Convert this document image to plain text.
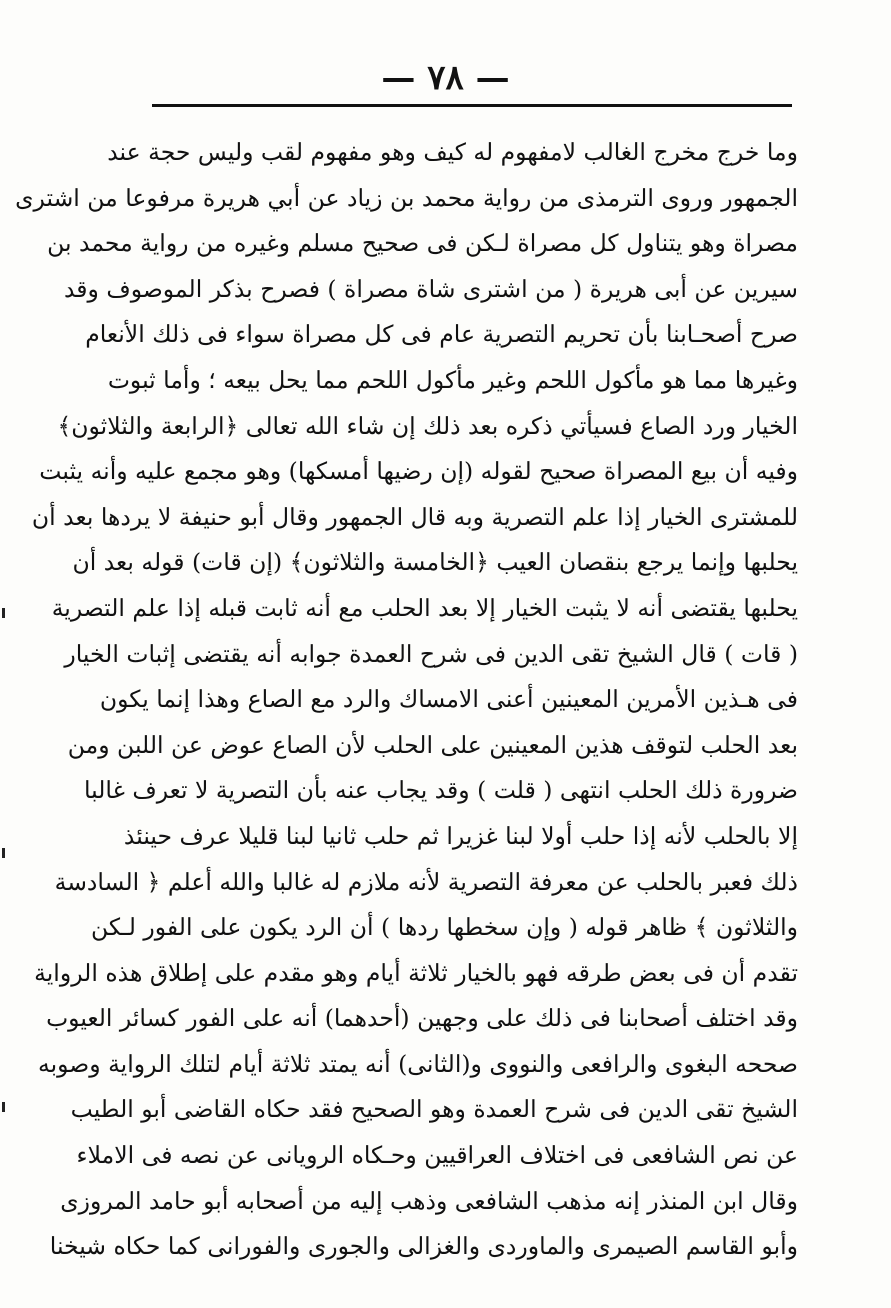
— ٧٨ —
وما خرج مخرج الغالب لامفهوم له كيف وهو مفهوم لقب وليس حجة عند
الجمهور وروى الترمذى من رواية محمد بن زياد عن أبي هريرة مرفوعا من اشترى
مصراة وهو يتناول كل مصراة لـكن فى صحيح مسلم وغيره من رواية محمد بن
سيرين عن أبى هريرة ( من اشترى شاة مصراة ) فصرح بذكر الموصوف وقد
صرح أصحـابنا بأن تحريم التصرية عام فى كل مصراة سواء فى ذلك الأنعام
وغيرها مما هو مأكول اللحم وغير مأكول اللحم مما يحل بيعه ؛ وأما ثبوت
الخيار ورد الصاع فسيأتي ذكره بعد ذلك إن شاء الله تعالى ﴿الرابعة والثلاثون﴾
وفيه أن بيع المصراة صحيح لقوله (إن رضيها أمسكها) وهو مجمع عليه وأنه يثبت
للمشترى الخيار إذا علم التصرية وبه قال الجمهور وقال أبو حنيفة لا يردها بعد أن
يحلبها وإنما يرجع بنقصان العيب ﴿الخامسة والثلاثون﴾ (إن قات) قوله بعد أن
يحلبها يقتضى أنه لا يثبت الخيار إلا بعد الحلب مع أنه ثابت قبله إذا علم التصرية
( قات ) قال الشيخ تقى الدين فى شرح العمدة جوابه أنه يقتضى إثبات الخيار
فى هـذين الأمرين المعينين أعنى الامساك والرد مع الصاع وهذا إنما يكون
بعد الحلب لتوقف هذين المعينين على الحلب لأن الصاع عوض عن اللبن ومن
ضرورة ذلك الحلب انتهى ( قلت ) وقد يجاب عنه بأن التصرية لا تعرف غالبا
إلا بالحلب لأنه إذا حلب أولا لبنا غزيرا ثم حلب ثانيا لبنا قليلا عرف حينئذ
ذلك فعبر بالحلب عن معرفة التصرية لأنه ملازم له غالبا والله أعلم ﴿ السادسة
والثلاثون ﴾ ظاهر قوله ( وإن سخطها ردها ) أن الرد يكون على الفور لـكن
تقدم أن فى بعض طرقه فهو بالخيار ثلاثة أيام وهو مقدم على إطلاق هذه الرواية
وقد اختلف أصحابنا فى ذلك على وجهين (أحدهما) أنه على الفور كسائر العيوب
صححه البغوى والرافعى والنووى و(الثانى) أنه يمتد ثلاثة أيام لتلك الرواية وصوبه
الشيخ تقى الدين فى شرح العمدة وهو الصحيح فقد حكاه القاضى أبو الطيب
عن نص الشافعى فى اختلاف العراقيين وحـكاه الرويانى عن نصه فى الاملاء
وقال ابن المنذر إنه مذهب الشافعى وذهب إليه من أصحابه أبو حامد المروزى
وأبو القاسم الصيمرى والماوردى والغزالى والجورى والفورانى كما حكاه شيخنا
